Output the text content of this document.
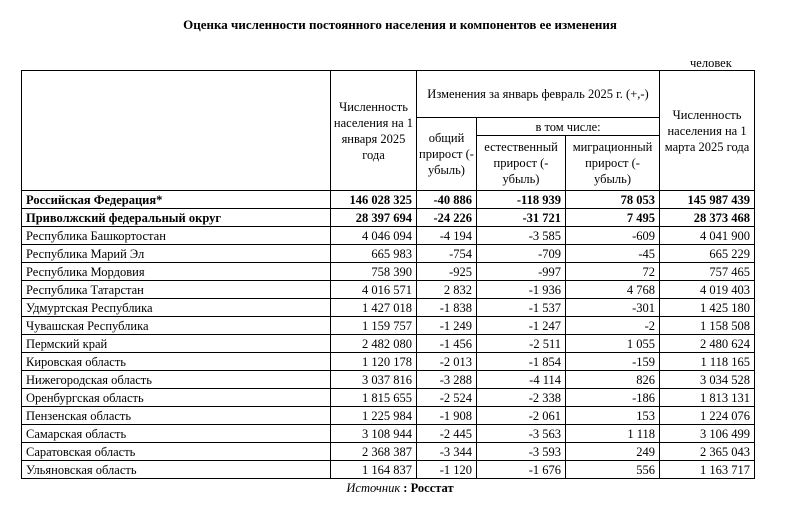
Оценка численности постоянного населения и компонентов ее изменения
человек
	Численность населения на 1 января 2025 года	Изменения за январь февраль 2025 г. (+,-)			Численность населения на 1 марта 2025 года
		общий прирост (- убыль)	в том числе:		
			естественный прирост (- убыль)	миграционный прирост (- убыль)	
Российская Федерация*	146 028 325	-40 886	-118 939	78 053	145 987 439
Приволжский федеральный округ	28 397 694	-24 226	-31 721	7 495	28 373 468
Республика Башкортостан	4 046 094	-4 194	-3 585	-609	4 041 900
Республика Марий Эл	665 983	-754	-709	-45	665 229
Республика Мордовия	758 390	-925	-997	72	757 465
Республика Татарстан	4 016 571	2 832	-1 936	4 768	4 019 403
Удмуртская Республика	1 427 018	-1 838	-1 537	-301	1 425 180
Чувашская Республика	1 159 757	-1 249	-1 247	-2	1 158 508
Пермский край	2 482 080	-1 456	-2 511	1 055	2 480 624
Кировская область	1 120 178	-2 013	-1 854	-159	1 118 165
Нижегородская область	3 037 816	-3 288	-4 114	826	3 034 528
Оренбургская область	1 815 655	-2 524	-2 338	-186	1 813 131
Пензенская область	1 225 984	-1 908	-2 061	153	1 224 076
Самарская область	3 108 944	-2 445	-3 563	1 118	3 106 499
Саратовская область	2 368 387	-3 344	-3 593	249	2 365 043
Ульяновская область	1 164 837	-1 120	-1 676	556	1 163 717
Источник : Росстат
